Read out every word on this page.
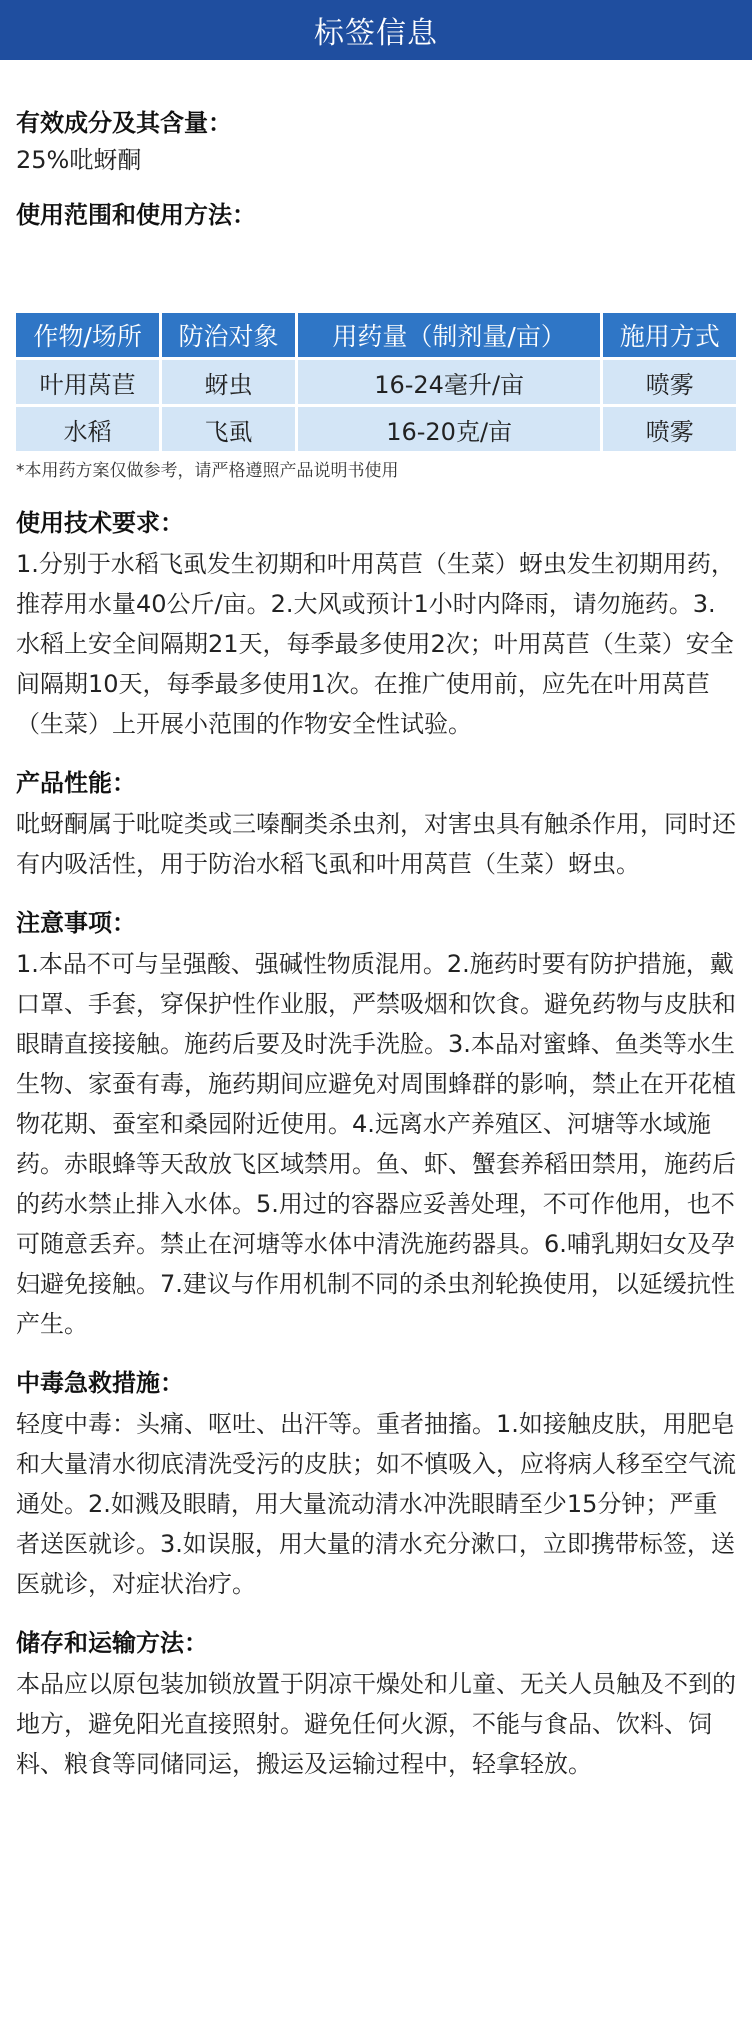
标签信息

有效成分及其含量：

25%吡蚜酮

使用范围和使用方法：

作物/场所	防治对象	用药量（制剂量/亩）	施用方式
叶用莴苣	蚜虫	16-24毫升/亩	喷雾
水稻	飞虱	16-20克/亩	喷雾

*本用药方案仅做参考，请严格遵照产品说明书使用

使用技术要求：

1.分别于水稻飞虱发生初期和叶用莴苣（生菜）蚜虫发生初期用药，推荐用水量40公斤/亩。2.大风或预计1小时内降雨，请勿施药。3.水稻上安全间隔期21天，每季最多使用2次；叶用莴苣（生菜）安全间隔期10天，每季最多使用1次。在推广使用前，应先在叶用莴苣（生菜）上开展小范围的作物安全性试验。

产品性能：

吡蚜酮属于吡啶类或三嗪酮类杀虫剂，对害虫具有触杀作用，同时还有内吸活性，用于防治水稻飞虱和叶用莴苣（生菜）蚜虫。

注意事项：

1.本品不可与呈强酸、强碱性物质混用。2.施药时要有防护措施，戴口罩、手套，穿保护性作业服，严禁吸烟和饮食。避免药物与皮肤和眼睛直接接触。施药后要及时洗手洗脸。3.本品对蜜蜂、鱼类等水生生物、家蚕有毒，施药期间应避免对周围蜂群的影响，禁止在开花植物花期、蚕室和桑园附近使用。4.远离水产养殖区、河塘等水域施药。赤眼蜂等天敌放飞区域禁用。鱼、虾、蟹套养稻田禁用，施药后的药水禁止排入水体。5.用过的容器应妥善处理，不可作他用，也不可随意丢弃。禁止在河塘等水体中清洗施药器具。6.哺乳期妇女及孕妇避免接触。7.建议与作用机制不同的杀虫剂轮换使用，以延缓抗性产生。

中毒急救措施：

轻度中毒：头痛、呕吐、出汗等。重者抽搐。1.如接触皮肤，用肥皂和大量清水彻底清洗受污的皮肤；如不慎吸入，应将病人移至空气流通处。2.如溅及眼睛，用大量流动清水冲洗眼睛至少15分钟；严重者送医就诊。3.如误服，用大量的清水充分漱口，立即携带标签，送医就诊，对症状治疗。

储存和运输方法：

本品应以原包装加锁放置于阴凉干燥处和儿童、无关人员触及不到的地方，避免阳光直接照射。避免任何火源，不能与食品、饮料、饲料、粮食等同储同运，搬运及运输过程中，轻拿轻放。
